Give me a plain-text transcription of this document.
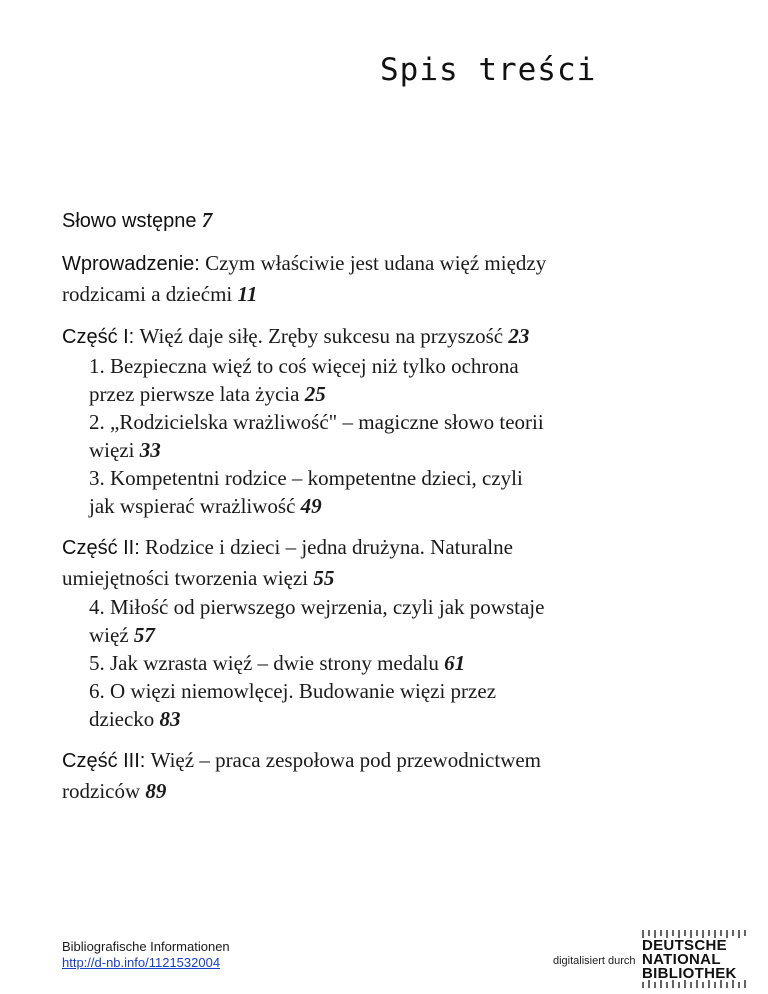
Spis treści
Słowo wstępne 7
Wprowadzenie: Czym właściwie jest udana więź między
rodzicami a dziećmi 11
Część I: Więź daje siłę. Zręby sukcesu na przyszość 23
1. Bezpieczna więź to coś więcej niż tylko ochrona
przez pierwsze lata życia 25
2. „Rodzicielska wrażliwość" – magiczne słowo teorii
więzi 33
3. Kompetentni rodzice – kompetentne dzieci, czyli
jak wspierać wrażliwość 49
Część II: Rodzice i dzieci – jedna drużyna. Naturalne
umiejętności tworzenia więzi 55
4. Miłość od pierwszego wejrzenia, czyli jak powstaje
więź 57
5. Jak wzrasta więź – dwie strony medalu 61
6. O więzi niemowlęcej. Budowanie więzi przez
dziecko 83
Część III: Więź – praca zespołowa pod przewodnictwem
rodziców 89
Bibliografische Informationen
http://d-nb.info/1121532004	digitalisiert durch
DEUTSCHE
NATIONAL
BIBLIOTHEK
